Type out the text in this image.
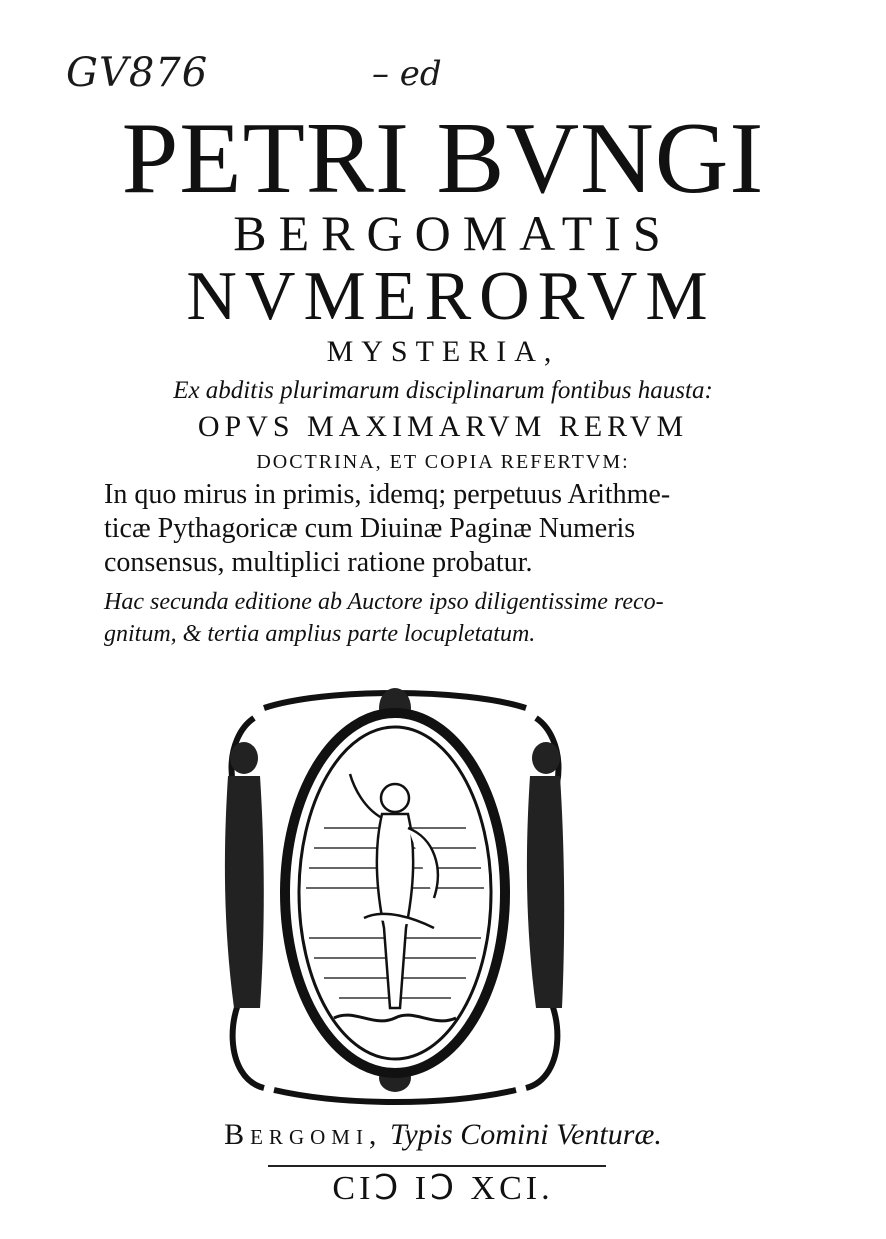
GV876	– ed
PETRI BVNGI
BERGOMATIS
NVMERORVM
MYSTERIA,
Ex abditis plurimarum disciplinarum fontibus hausta:
OPVS MAXIMARVM RERVM
DOCTRINA, ET COPIA REFERTVM:
In quo mirus in primis, idemq; perpetuus Arithme-
ticæ Pythagoricæ cum Diuinæ Paginæ Numeris
consensus, multiplici ratione probatur.
Hac secunda editione ab Auctore ipso diligentissime reco-
gnitum, & tertia amplius parte locupletatum.
Bergomi, Typis Comini Venturæ.
CIↃ IↃ XCI.
